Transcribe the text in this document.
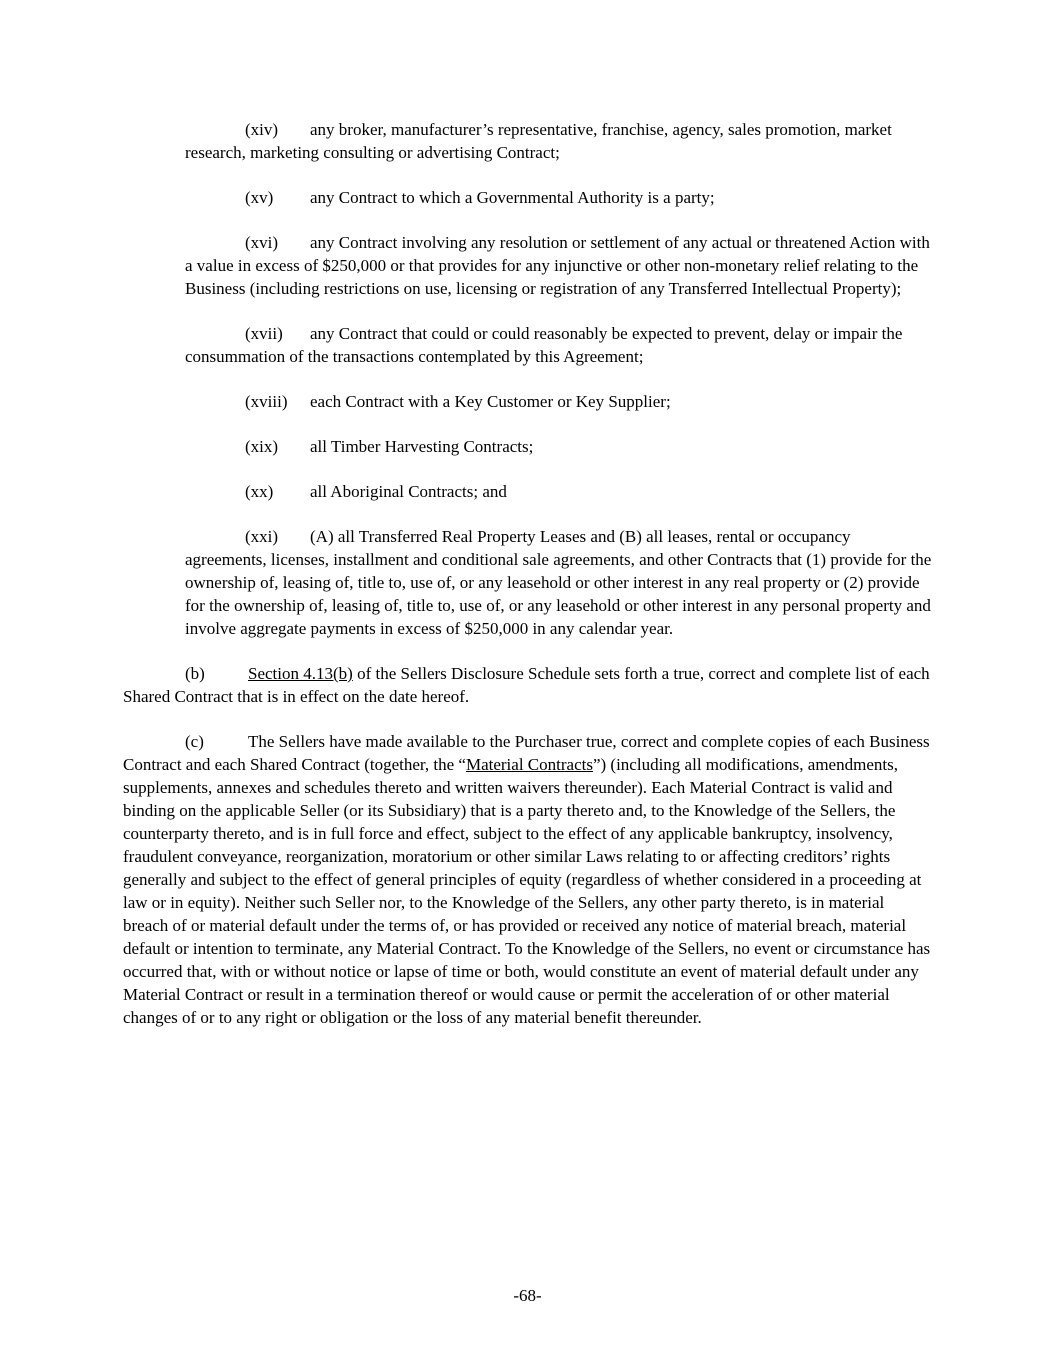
(xiv) any broker, manufacturer’s representative, franchise, agency, sales promotion, market research, marketing consulting or advertising Contract;

(xv) any Contract to which a Governmental Authority is a party;

(xvi) any Contract involving any resolution or settlement of any actual or threatened Action with a value in excess of $250,000 or that provides for any injunctive or other non-monetary relief relating to the Business (including restrictions on use, licensing or registration of any Transferred Intellectual Property);

(xvii) any Contract that could or could reasonably be expected to prevent, delay or impair the consummation of the transactions contemplated by this Agreement;

(xviii) each Contract with a Key Customer or Key Supplier;

(xix) all Timber Harvesting Contracts;

(xx) all Aboriginal Contracts; and

(xxi) (A) all Transferred Real Property Leases and (B) all leases, rental or occupancy agreements, licenses, installment and conditional sale agreements, and other Contracts that (1) provide for the ownership of, leasing of, title to, use of, or any leasehold or other interest in any real property or (2) provide for the ownership of, leasing of, title to, use of, or any leasehold or other interest in any personal property and involve aggregate payments in excess of $250,000 in any calendar year.

(b)	Section 4.13(b) of the Sellers Disclosure Schedule sets forth a true, correct and complete list of each Shared Contract that is in effect on the date hereof.

(c)	The Sellers have made available to the Purchaser true, correct and complete copies of each Business Contract and each Shared Contract (together, the “Material Contracts”) (including all modifications, amendments, supplements, annexes and schedules thereto and written waivers thereunder). Each Material Contract is valid and binding on the applicable Seller (or its Subsidiary) that is a party thereto and, to the Knowledge of the Sellers, the counterparty thereto, and is in full force and effect, subject to the effect of any applicable bankruptcy, insolvency, fraudulent conveyance, reorganization, moratorium or other similar Laws relating to or affecting creditors’ rights generally and subject to the effect of general principles of equity (regardless of whether considered in a proceeding at law or in equity). Neither such Seller nor, to the Knowledge of the Sellers, any other party thereto, is in material breach of or material default under the terms of, or has provided or received any notice of material breach, material default or intention to terminate, any Material Contract. To the Knowledge of the Sellers, no event or circumstance has occurred that, with or without notice or lapse of time or both, would constitute an event of material default under any Material Contract or result in a termination thereof or would cause or permit the acceleration of or other material changes of or to any right or obligation or the loss of any material benefit thereunder.

-68-
